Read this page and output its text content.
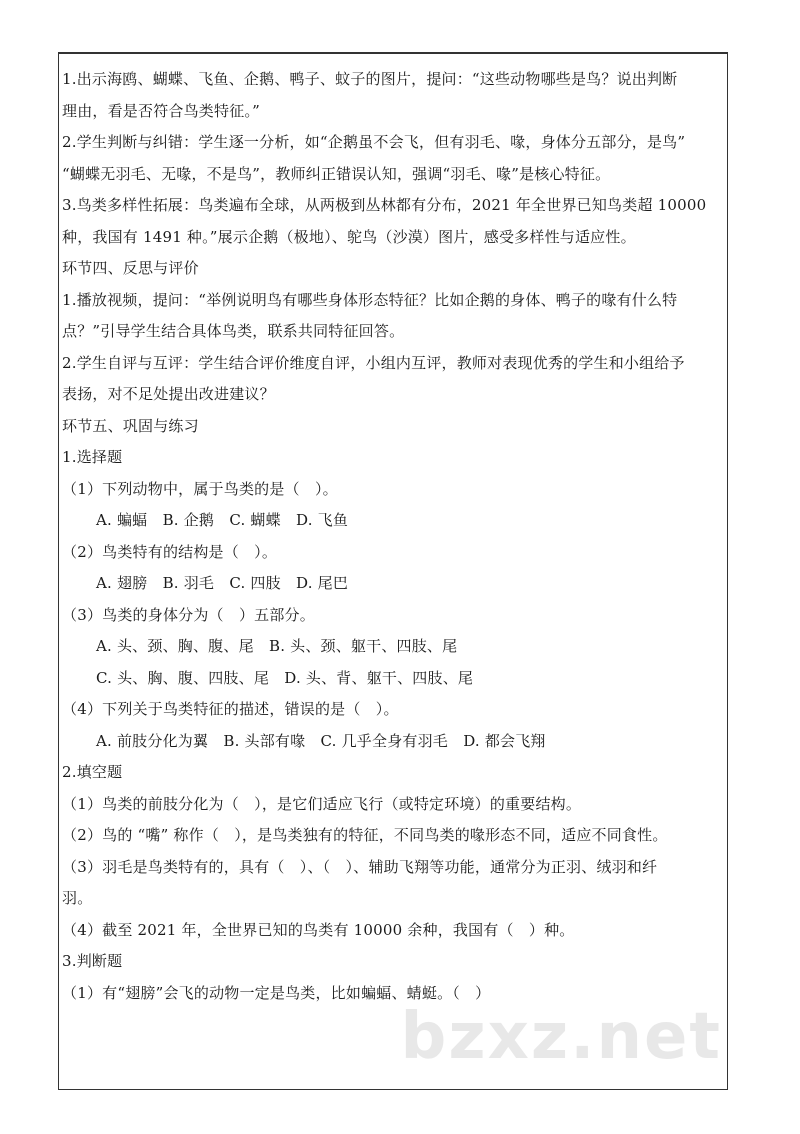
1.出示海鸥、蝴蝶、飞鱼、企鹅、鸭子、蚊子的图片，提问：“这些动物哪些是鸟？说出判断
理由，看是否符合鸟类特征。”
2.学生判断与纠错：学生逐一分析，如“企鹅虽不会飞，但有羽毛、喙，身体分五部分，是鸟”
“蝴蝶无羽毛、无喙，不是鸟”，教师纠正错误认知，强调“羽毛、喙”是核心特征。
3.鸟类多样性拓展：鸟类遍布全球，从两极到丛林都有分布，2021 年全世界已知鸟类超 10000
种，我国有 1491 种。”展示企鹅（极地）、鸵鸟（沙漠）图片，感受多样性与适应性。
环节四、反思与评价
1.播放视频，提问：“举例说明鸟有哪些身体形态特征？比如企鹅的身体、鸭子的喙有什么特
点？”引导学生结合具体鸟类，联系共同特征回答。
2.学生自评与互评：学生结合评价维度自评，小组内互评，教师对表现优秀的学生和小组给予
表扬，对不足处提出改进建议？
环节五、巩固与练习
1.选择题
（1）下列动物中，属于鸟类的是（　）。
A. 蝙蝠　B. 企鹅　C. 蝴蝶　D. 飞鱼
（2）鸟类特有的结构是（　）。
A. 翅膀　B. 羽毛　C. 四肢　D. 尾巴
（3）鸟类的身体分为（　）五部分。
A. 头、颈、胸、腹、尾　B. 头、颈、躯干、四肢、尾
C. 头、胸、腹、四肢、尾　D. 头、背、躯干、四肢、尾
（4）下列关于鸟类特征的描述，错误的是（　）。
A. 前肢分化为翼　B. 头部有喙　C. 几乎全身有羽毛　D. 都会飞翔
2.填空题
（1）鸟类的前肢分化为（　），是它们适应飞行（或特定环境）的重要结构。
（2）鸟的 “嘴” 称作（　），是鸟类独有的特征，不同鸟类的喙形态不同，适应不同食性。
（3）羽毛是鸟类特有的，具有（　）、（　）、辅助飞翔等功能，通常分为正羽、绒羽和纤
羽。
（4）截至 2021 年，全世界已知的鸟类有 10000 余种，我国有（　）种。
3.判断题
（1）有“翅膀”会飞的动物一定是鸟类，比如蝙蝠、蜻蜓。（　）
bzxz.net
